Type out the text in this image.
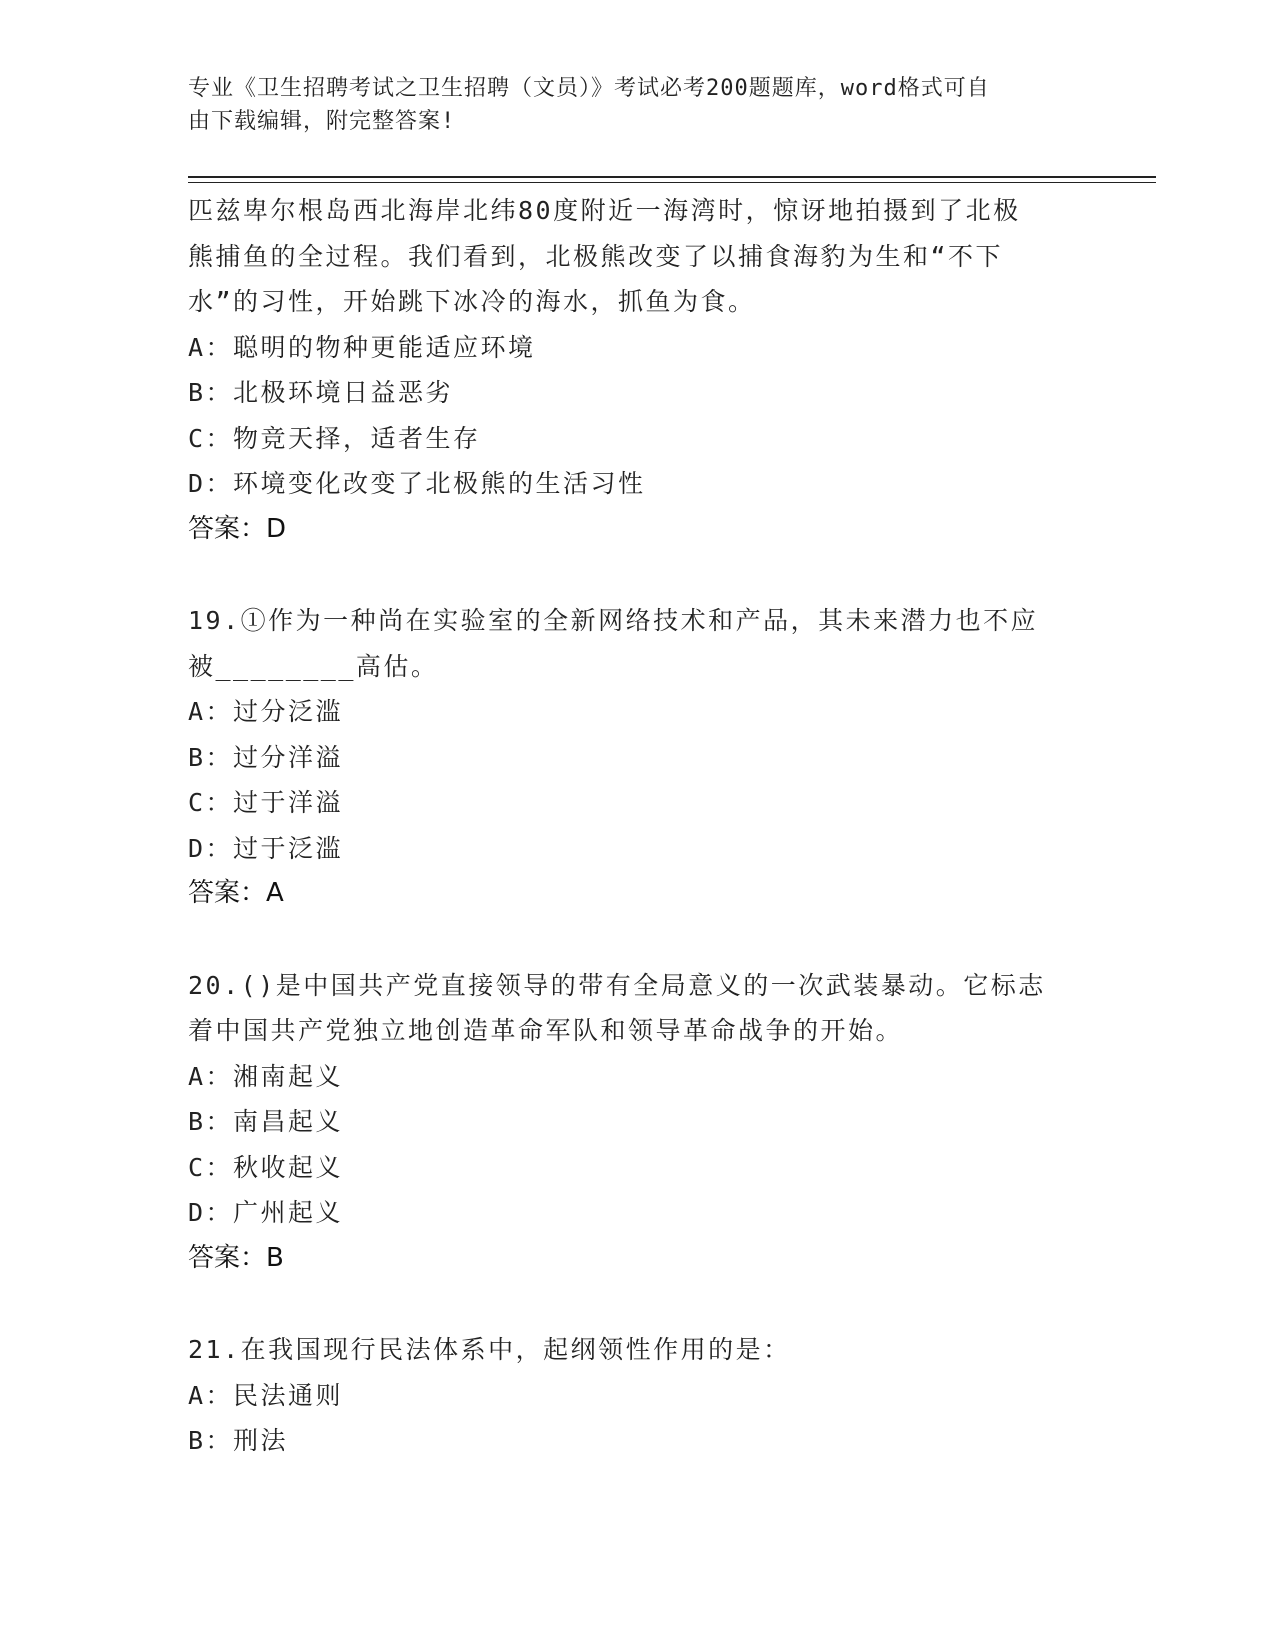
专业《卫生招聘考试之卫生招聘（文员）》考试必考200题题库，word格式可自
由下载编辑，附完整答案!
匹兹卑尔根岛西北海岸北纬80度附近一海湾时，惊讶地拍摄到了北极
熊捕鱼的全过程。我们看到，北极熊改变了以捕食海豹为生和“不下
水”的习性，开始跳下冰冷的海水，抓鱼为食。
A：聪明的物种更能适应环境
B：北极环境日益恶劣
C：物竞天择，适者生存
D：环境变化改变了北极熊的生活习性
答案：D
19.①作为一种尚在实验室的全新网络技术和产品，其未来潜力也不应
被________高估。
A：过分泛滥
B：过分洋溢
C：过于洋溢
D：过于泛滥
答案：A
20.()是中国共产党直接领导的带有全局意义的一次武装暴动。它标志
着中国共产党独立地创造革命军队和领导革命战争的开始。
A：湘南起义
B：南昌起义
C：秋收起义
D：广州起义
答案：B
21.在我国现行民法体系中，起纲领性作用的是：
A：民法通则
B：刑法
